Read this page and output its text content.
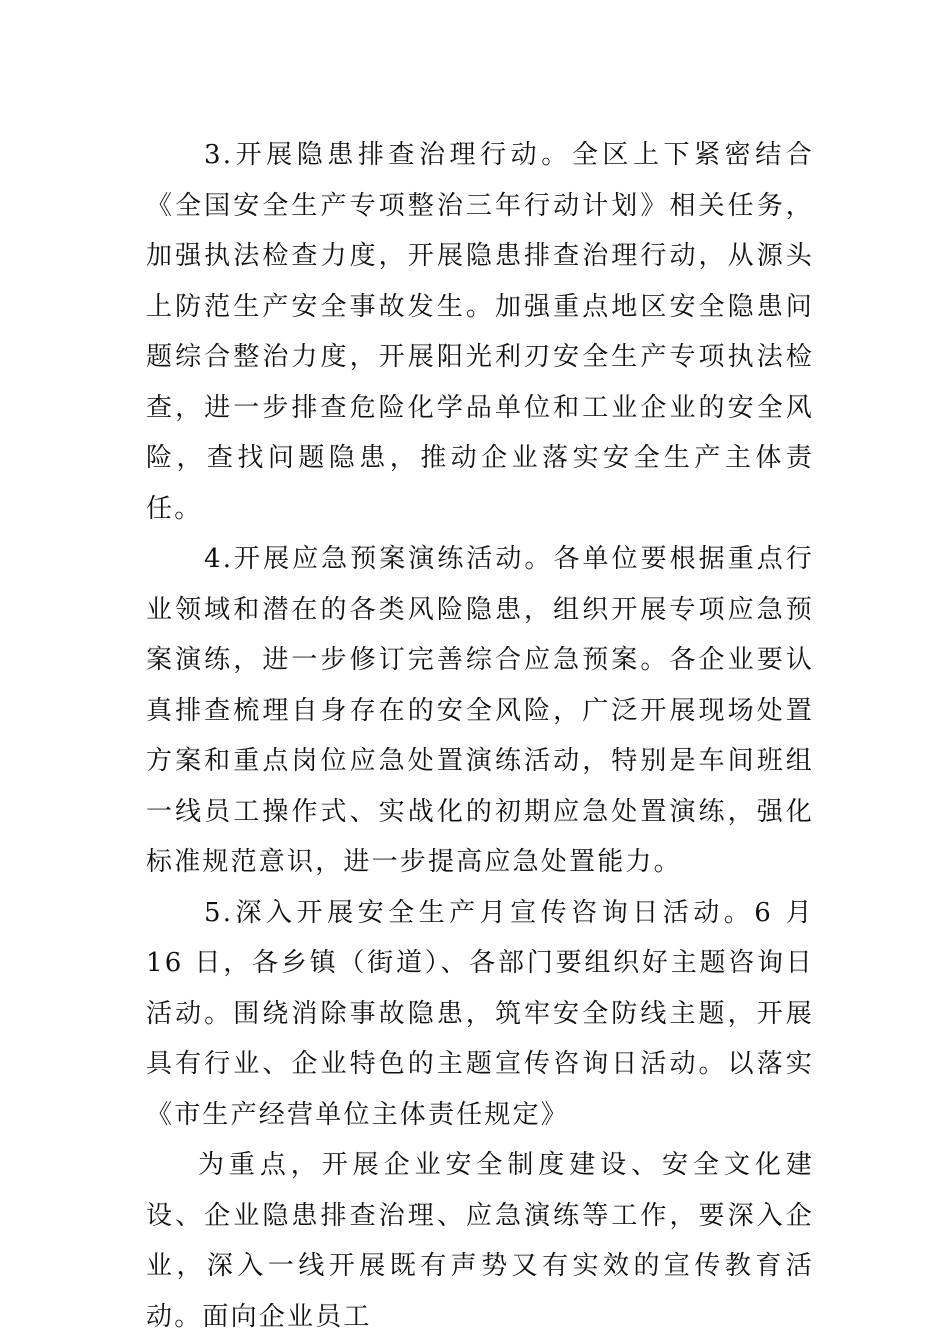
3.开展隐患排查治理行动。全区上下紧密结合《全国安全生产专项整治三年行动计划》相关任务，加强执法检查力度，开展隐患排查治理行动，从源头上防范生产安全事故发生。加强重点地区安全隐患问题综合整治力度，开展阳光利刃安全生产专项执法检查，进一步排查危险化学品单位和工业企业的安全风险，查找问题隐患，推动企业落实安全生产主体责任。

4.开展应急预案演练活动。各单位要根据重点行业领域和潜在的各类风险隐患，组织开展专项应急预案演练，进一步修订完善综合应急预案。各企业要认真排查梳理自身存在的安全风险，广泛开展现场处置方案和重点岗位应急处置演练活动，特别是车间班组一线员工操作式、实战化的初期应急处置演练，强化标准规范意识，进一步提高应急处置能力。

5.深入开展安全生产月宣传咨询日活动。6 月 16 日，各乡镇（街道）、各部门要组织好主题咨询日活动。围绕消除事故隐患，筑牢安全防线主题，开展具有行业、企业特色的主题宣传咨询日活动。以落实《市生产经营单位主体责任规定》

为重点，开展企业安全制度建设、安全文化建设、企业隐患排查治理、应急演练等工作，要深入企业，深入一线开展既有声势又有实效的宣传教育活动。面向企业员工
